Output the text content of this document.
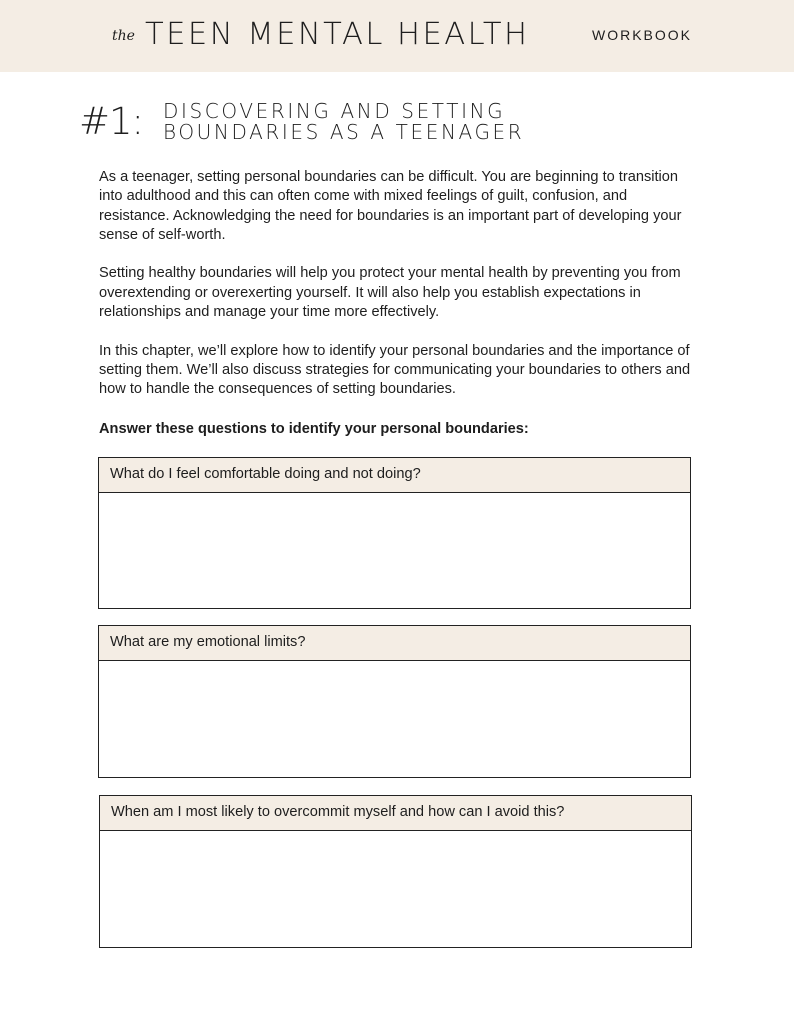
the TEEN MENTAL HEALTH	WORKBOOK
#1: DISCOVERING AND SETTING
BOUNDARIES AS A TEENAGER

As a teenager, setting personal boundaries can be difficult. You are beginning to transition into adulthood and this can often come with mixed feelings of guilt, confusion, and resistance. Acknowledging the need for boundaries is an important part of developing your sense of self-worth.

Setting healthy boundaries will help you protect your mental health by preventing you from overextending or overexerting yourself. It will also help you establish expectations in relationships and manage your time more effectively.

In this chapter, we’ll explore how to identify your personal boundaries and the importance of setting them. We’ll also discuss strategies for communicating your boundaries to others and how to handle the consequences of setting boundaries.

Answer these questions to identify your personal boundaries:
What do I feel comfortable doing and not doing?
What are my emotional limits?
When am I most likely to overcommit myself and how can I avoid this?
